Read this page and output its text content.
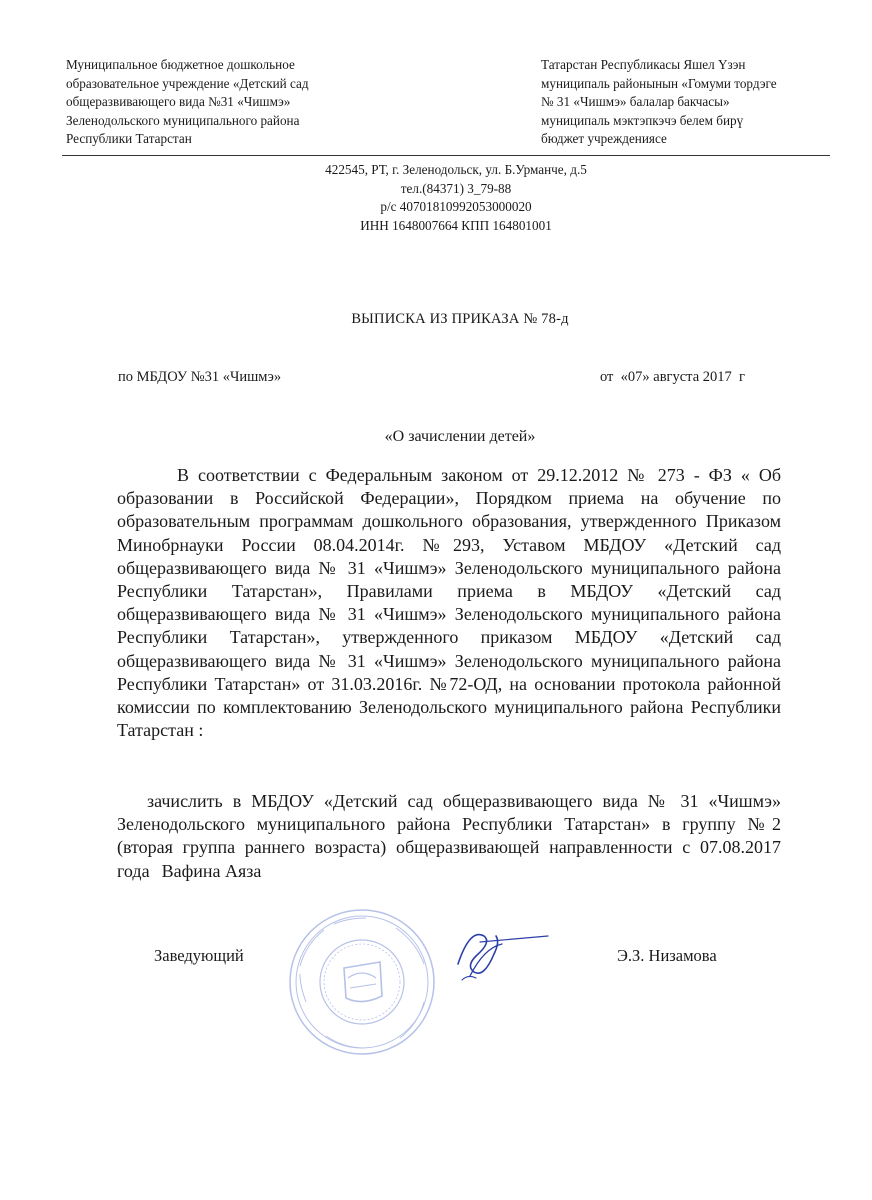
Муниципальное бюджетное дошкольное
образовательное учреждение «Детский сад
общеразвивающего вида №31 «Чишмэ»
Зеленодольского муниципального района
Республики Татарстан
Татарстан Республикасы Яшел Үзэн
муниципаль районынын «Гомуми тордэге
№ 31 «Чишмэ» балалар бакчасы»
муниципаль мэктэпкэчэ белем бирү
бюджет учреждениясе
422545, РТ, г. Зеленодольск, ул. Б.Урманче, д.5
тел.(84371) 3_79-88
р/с 40701810992053000020
ИНН 1648007664 КПП 164801001
ВЫПИСКА ИЗ ПРИКАЗА № 78-д
по МБДОУ №31 «Чишмэ»	от  «07» августа 2017  г
«О зачислении детей»

В соответствии с Федеральным законом от 29.12.2012 № 273 - ФЗ « Об образовании в Российской Федерации», Порядком приема на обучение по образовательным программам дошкольного образования, утвержденного Приказом Минобрнауки России 08.04.2014г. №293, Уставом МБДОУ «Детский сад общеразвивающего вида № 31 «Чишмэ» Зеленодольского муниципального района Республики Татарстан», Правилами приема в МБДОУ «Детский сад общеразвивающего вида № 31 «Чишмэ» Зеленодольского муниципального района Республики Татарстан», утвержденного приказом МБДОУ «Детский сад общеразвивающего вида № 31 «Чишмэ» Зеленодольского муниципального района Республики Татарстан» от 31.03.2016г. №72-ОД, на основании протокола районной комиссии по комплектованию Зеленодольского муниципального района Республики Татарстан :

зачислить в МБДОУ «Детский сад общеразвивающего вида № 31 «Чишмэ» Зеленодольского муниципального района Республики Татарстан» в группу №2 (вторая группа раннего возраста) общеразвивающей направленности с 07.08.2017 года Вафина Аяза

Заведующий	Э.З. Низамова
